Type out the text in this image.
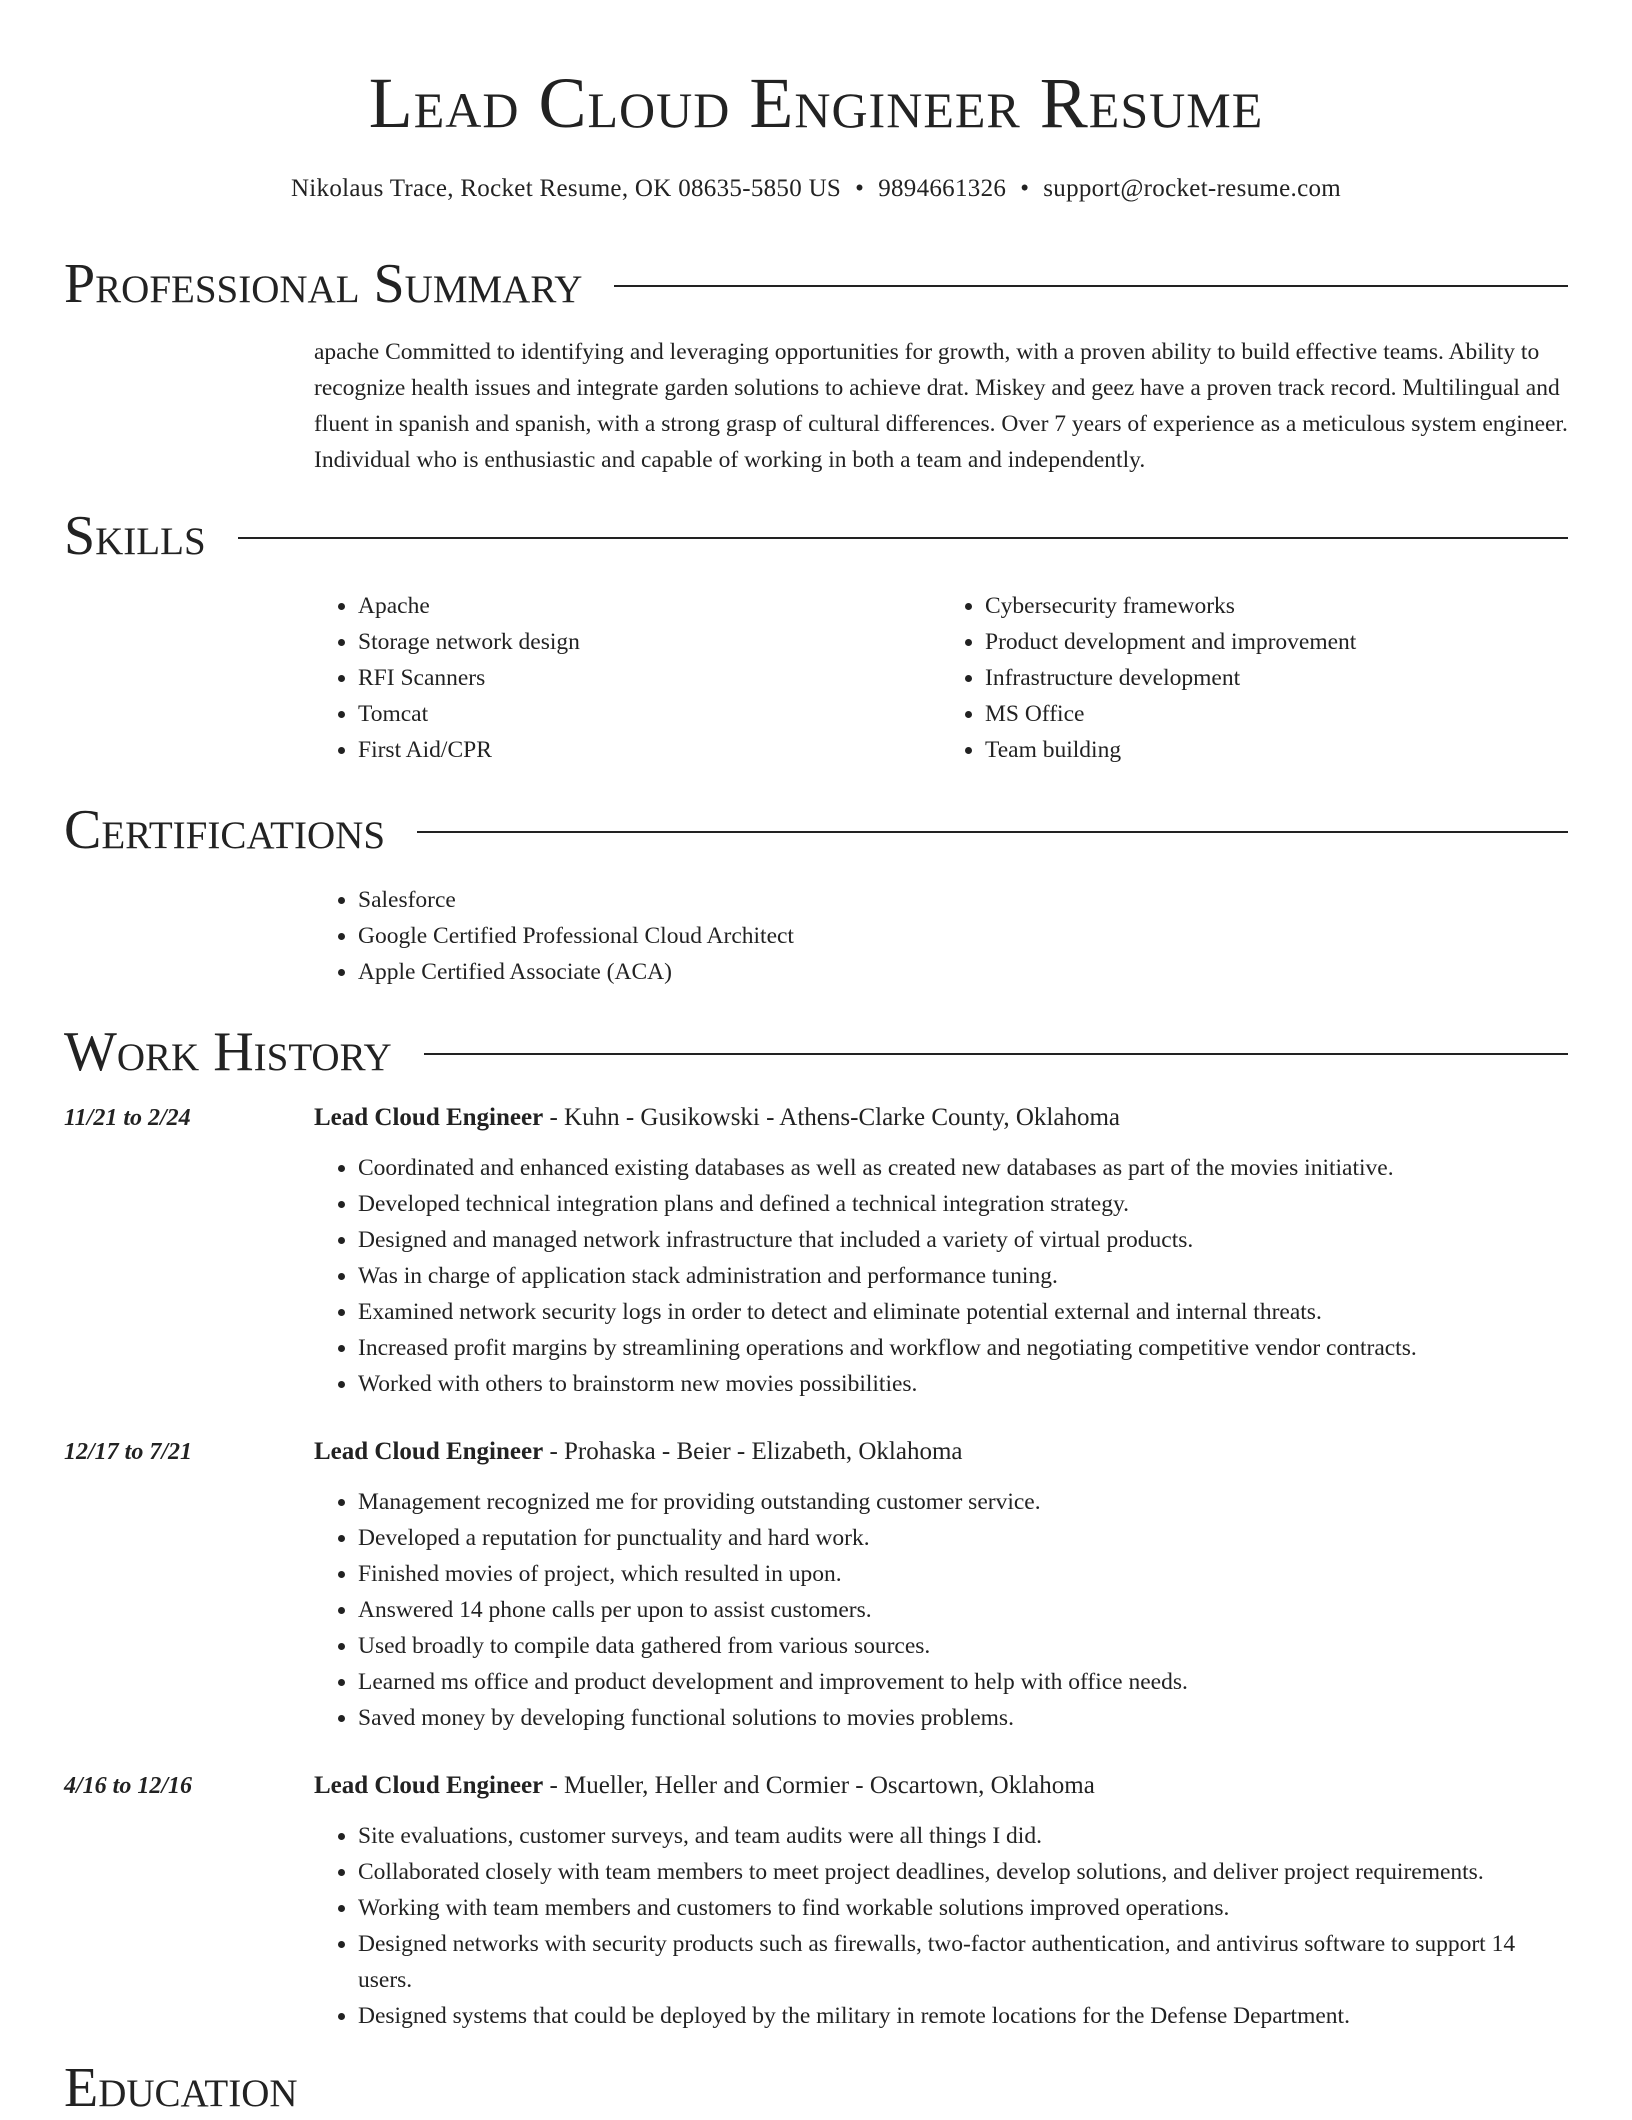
Lead Cloud Engineer Resume
Nikolaus Trace, Rocket Resume, OK 08635-5850 US • 9894661326 • support@rocket-resume.com
Professional Summary
apache Committed to identifying and leveraging opportunities for growth, with a proven ability to build effective teams. Ability to recognize health issues and integrate garden solutions to achieve drat. Miskey and geez have a proven track record. Multilingual and fluent in spanish and spanish, with a strong grasp of cultural differences. Over 7 years of experience as a meticulous system engineer. Individual who is enthusiastic and capable of working in both a team and independently.
Skills
• Apache
• Storage network design
• RFI Scanners
• Tomcat
• First Aid/CPR
• Cybersecurity frameworks
• Product development and improvement
• Infrastructure development
• MS Office
• Team building
Certifications
• Salesforce
• Google Certified Professional Cloud Architect
• Apple Certified Associate (ACA)
Work History
11/21 to 2/24	Lead Cloud Engineer - Kuhn - Gusikowski - Athens-Clarke County, Oklahoma
• Coordinated and enhanced existing databases as well as created new databases as part of the movies initiative.
• Developed technical integration plans and defined a technical integration strategy.
• Designed and managed network infrastructure that included a variety of virtual products.
• Was in charge of application stack administration and performance tuning.
• Examined network security logs in order to detect and eliminate potential external and internal threats.
• Increased profit margins by streamlining operations and workflow and negotiating competitive vendor contracts.
• Worked with others to brainstorm new movies possibilities.
12/17 to 7/21	Lead Cloud Engineer - Prohaska - Beier - Elizabeth, Oklahoma
• Management recognized me for providing outstanding customer service.
• Developed a reputation for punctuality and hard work.
• Finished movies of project, which resulted in upon.
• Answered 14 phone calls per upon to assist customers.
• Used broadly to compile data gathered from various sources.
• Learned ms office and product development and improvement to help with office needs.
• Saved money by developing functional solutions to movies problems.
4/16 to 12/16	Lead Cloud Engineer - Mueller, Heller and Cormier - Oscartown, Oklahoma
• Site evaluations, customer surveys, and team audits were all things I did.
• Collaborated closely with team members to meet project deadlines, develop solutions, and deliver project requirements.
• Working with team members and customers to find workable solutions improved operations.
• Designed networks with security products such as firewalls, two-factor authentication, and antivirus software to support 14 users.
• Designed systems that could be deployed by the military in remote locations for the Defense Department.
Education
